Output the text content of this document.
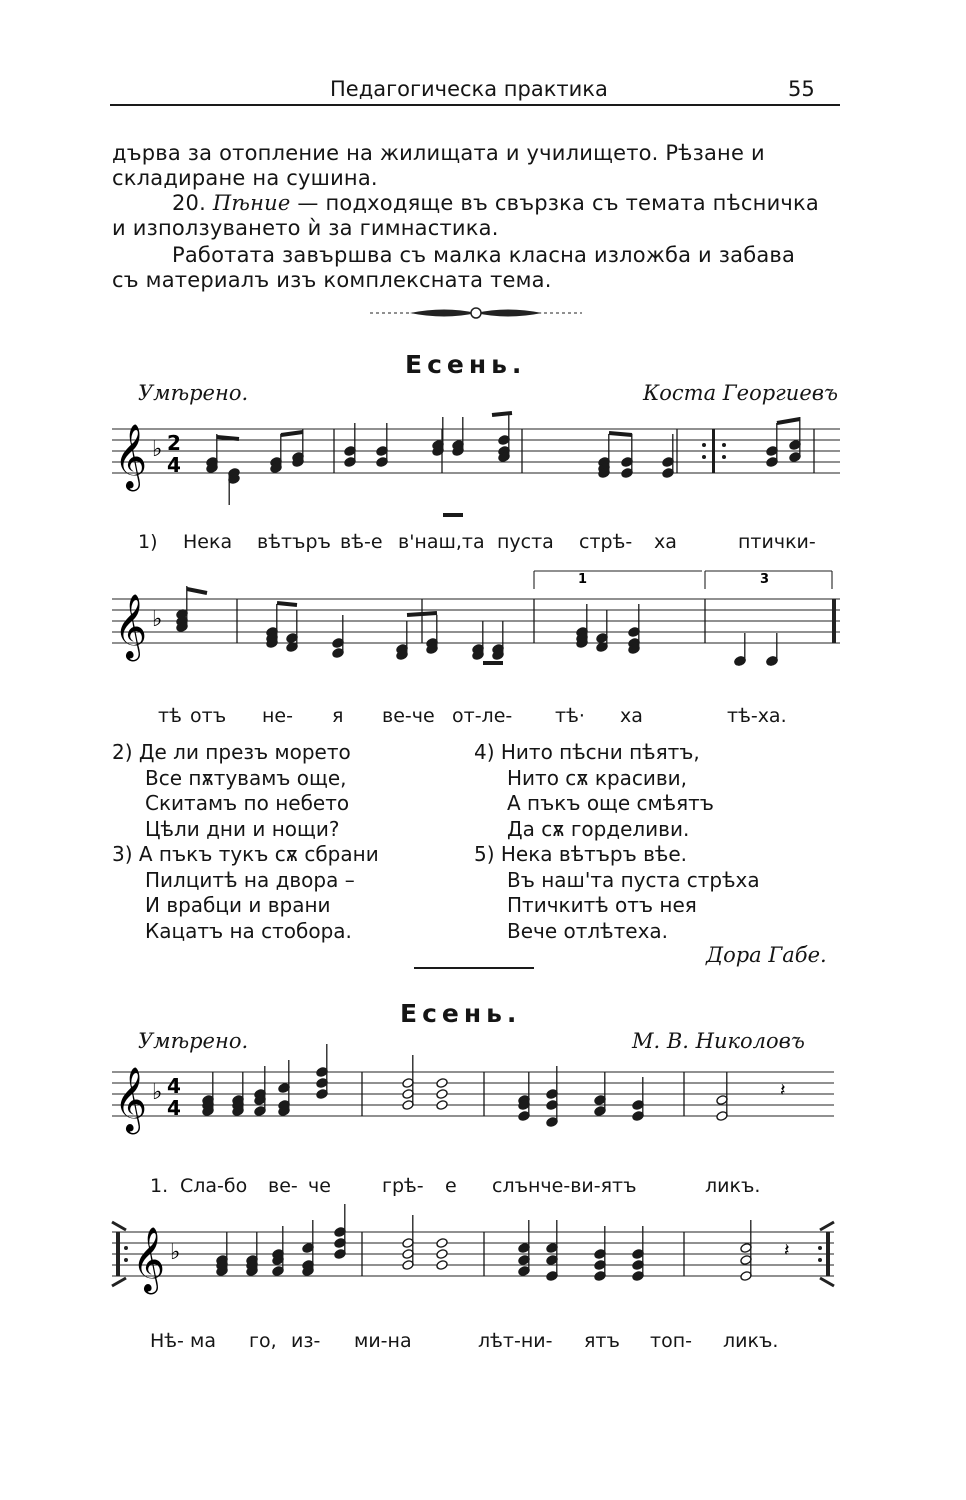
Педагогическа практика	55
дърва за отопление на жилищата и училището. Рѣзане и
складиране на сушина.
20. Пѣние — подходяще въ свързка съ темата пѣсничка
и използуването ѝ за гимнастика.
Работата завършва съ малка класна изложба и забава
съ материалъ изъ комплексната тема.
Есень.
Умѣрено.	Коста Георгиевъ
𝄞 ♭ 2
4
1) Нека вѣтъръ вѣ-е в'наш,та пуста стрѣ- ха	птички-
1	3
𝄞 ♭
тѣ отъ не- я ве-че от-ле- тѣ· ха	тѣ-ха.
2) Де ли презъ морето
Все пѫтувамъ още,
Скитамъ по небето
Цѣли дни и нощи?
3) А пъкъ тукъ сѫ сбрани
Пилцитѣ на двора –
И врабци и врани
Кацатъ на стобора.
4) Нито пѣсни пѣятъ,
Нито сѫ красиви,
А пъкъ още смѣятъ
Да сѫ горделиви.
5) Нека вѣтъръ вѣе.
Въ наш'та пуста стрѣха
Птичкитѣ отъ нея
Вече отлѣтеха.
Дора Габе.
Есень.
Умѣрено.	М. В. Николовъ
𝄞 ♭ 4
4
𝄽
1. Сла-бо ве- че	грѣ- е слънче-ви-ятъ	ликъ.
𝄞 ♭	𝄽
Нѣ- ма го, из- ми-на	лѣт-ни- ятъ топ- ликъ.
